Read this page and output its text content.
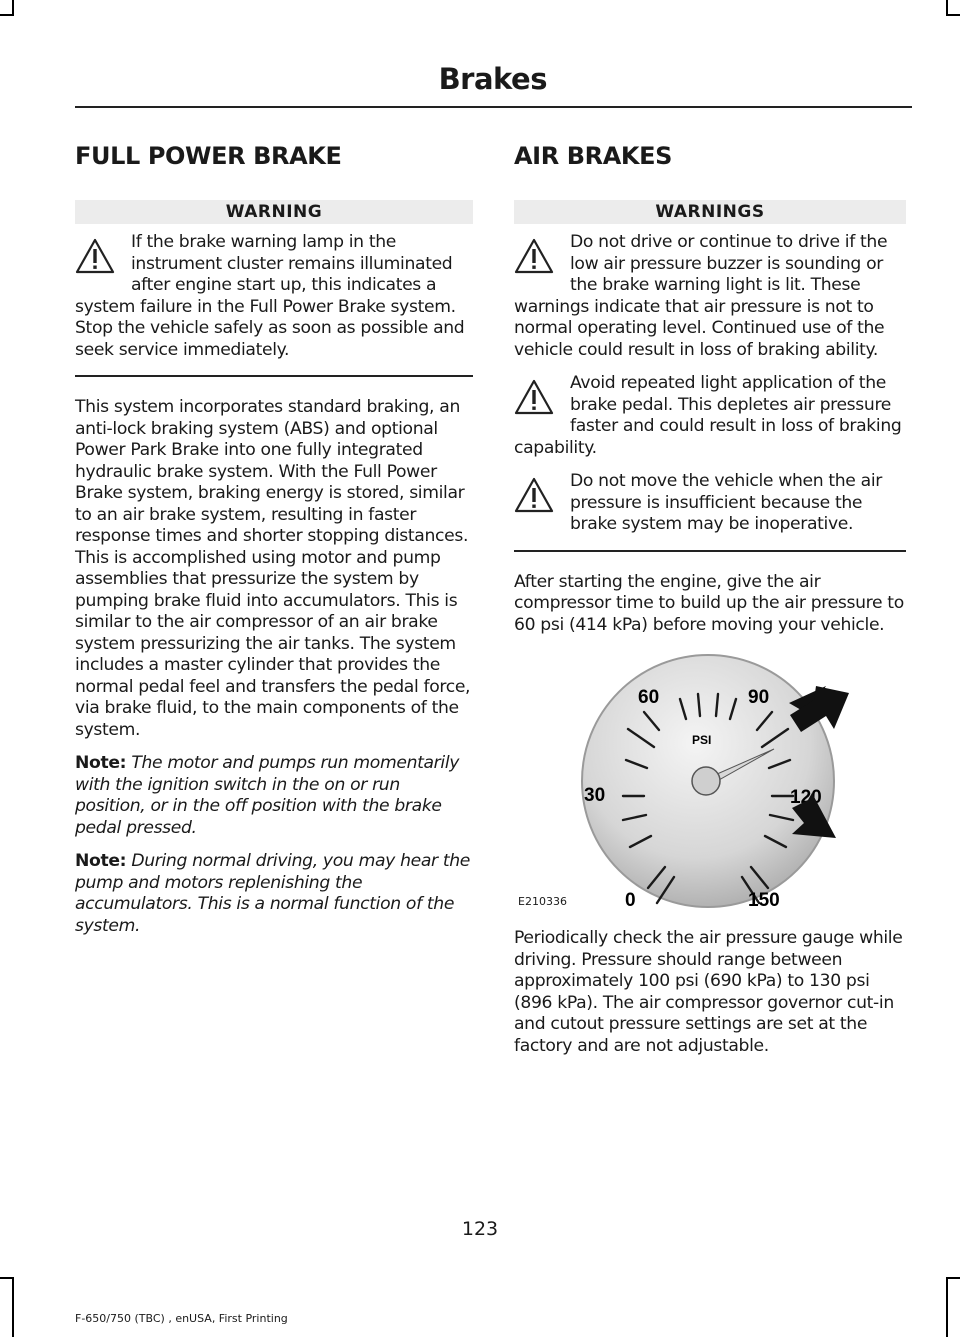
Brakes
FULL POWER BRAKE
WARNING
If the brake warning lamp in the instrument cluster remains illuminated after engine start up, this indicates a system failure in the Full Power Brake system. Stop the vehicle safely as soon as possible and seek service immediately.

This system incorporates standard braking, an anti-lock braking system (ABS) and optional Power Park Brake into one fully integrated hydraulic brake system. With the Full Power Brake system, braking energy is stored, similar to an air brake system, resulting in faster response times and shorter stopping distances. This is accomplished using motor and pump assemblies that pressurize the system by pumping brake fluid into accumulators. This is similar to the air compressor of an air brake system pressurizing the air tanks. The system includes a master cylinder that provides the normal pedal feel and transfers the pedal force, via brake fluid, to the main components of the system.

Note: The motor and pumps run momentarily with the ignition switch in the on or run position, or in the off position with the brake pedal pressed.

Note: During normal driving, you may hear the pump and motors replenishing the accumulators. This is a normal function of the system.

AIR BRAKES
WARNINGS
Do not drive or continue to drive if the low air pressure buzzer is sounding or the brake warning light is lit. These warnings indicate that air pressure is not to normal operating level. Continued use of the vehicle could result in loss of braking ability.
Avoid repeated light application of the brake pedal. This depletes air pressure faster and could result in loss of braking capability.
Do not move the vehicle when the air pressure is insufficient because the brake system may be inoperative.

After starting the engine, give the air compressor time to build up the air pressure to 60 psi (414 kPa) before moving your vehicle.

0
30
60	90
120
150
PSI
E210336

Periodically check the air pressure gauge while driving. Pressure should range between approximately 100 psi (690 kPa) to 130 psi (896 kPa). The air compressor governor cut-in and cutout pressure settings are set at the factory and are not adjustable.

123
F-650/750 (TBC) , enUSA, First Printing
